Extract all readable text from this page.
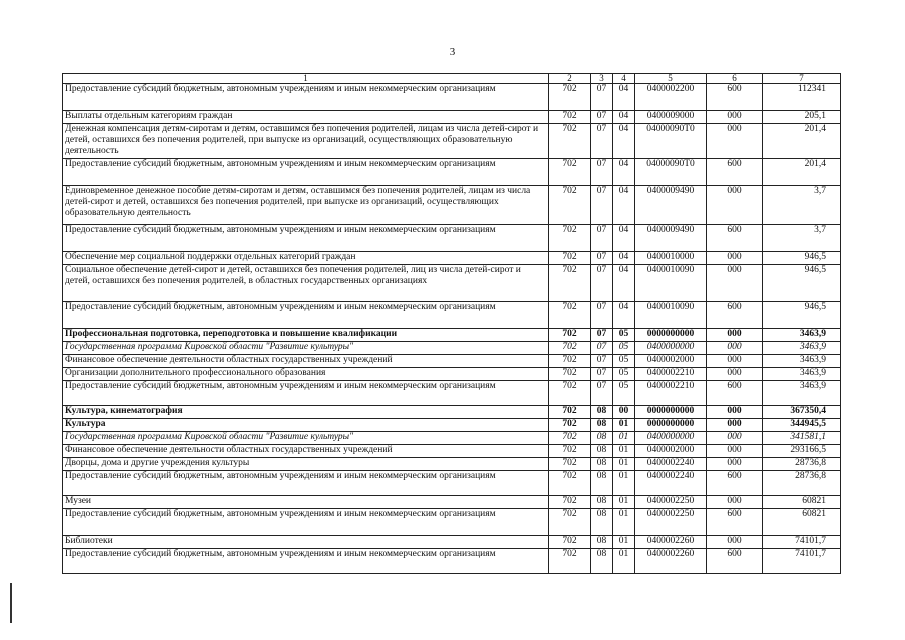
3
1	2	3	4	5	6	7
Предоставление субсидий бюджетным, автономным учреждениям и иным некоммерческим организациям	702	07	04	0400002200	600	112341
Выплаты отдельным категориям граждан	702	07	04	0400009000	000	205,1
Денежная компенсация детям-сиротам и детям, оставшимся без попечения родителей, лицам из числа детей-сирот и детей, оставшихся без попечения родителей, при выпуске из организаций, осуществляющих образовательную деятельность	702	07	04	04000090Т0	000	201,4
Предоставление субсидий бюджетным, автономным учреждениям и иным некоммерческим организациям	702	07	04	04000090Т0	600	201,4
Единовременное денежное пособие детям-сиротам и детям, оставшимся без попечения родителей, лицам из числа детей-сирот и детей, оставшихся без попечения родителей, при выпуске из организаций, осуществляющих образовательную деятельность	702	07	04	0400009490	000	3,7
Предоставление субсидий бюджетным, автономным учреждениям и иным некоммерческим организациям	702	07	04	0400009490	600	3,7
Обеспечение мер социальной поддержки отдельных категорий граждан	702	07	04	0400010000	000	946,5
Социальное обеспечение детей-сирот и детей, оставшихся без попечения родителей, лиц из числа детей-сирот и детей, оставшихся без попечения родителей, в областных государственных организациях	702	07	04	0400010090	000	946,5
Предоставление субсидий бюджетным, автономным учреждениям и иным некоммерческим организациям	702	07	04	0400010090	600	946,5
Профессиональная подготовка, переподготовка и повышение квалификации	702	07	05	0000000000	000	3463,9
Государственная программа Кировской области "Развитие культуры"	702	07	05	0400000000	000	3463,9
Финансовое обеспечение деятельности областных государственных учреждений	702	07	05	0400002000	000	3463,9
Организации дополнительного профессионального образования	702	07	05	0400002210	000	3463,9
Предоставление субсидий бюджетным, автономным учреждениям и иным некоммерческим организациям	702	07	05	0400002210	600	3463,9
Культура, кинематография	702	08	00	0000000000	000	367350,4
Культура	702	08	01	0000000000	000	344945,5
Государственная программа Кировской области "Развитие культуры"	702	08	01	0400000000	000	341581,1
Финансовое обеспечение деятельности областных государственных учреждений	702	08	01	0400002000	000	293166,5
Дворцы, дома и другие учреждения культуры	702	08	01	0400002240	000	28736,8
Предоставление субсидий бюджетным, автономным учреждениям и иным некоммерческим организациям	702	08	01	0400002240	600	28736,8
Музеи	702	08	01	0400002250	000	60821
Предоставление субсидий бюджетным, автономным учреждениям и иным некоммерческим организациям	702	08	01	0400002250	600	60821
Библиотеки	702	08	01	0400002260	000	74101,7
Предоставление субсидий бюджетным, автономным учреждениям и иным некоммерческим организациям	702	08	01	0400002260	600	74101,7
